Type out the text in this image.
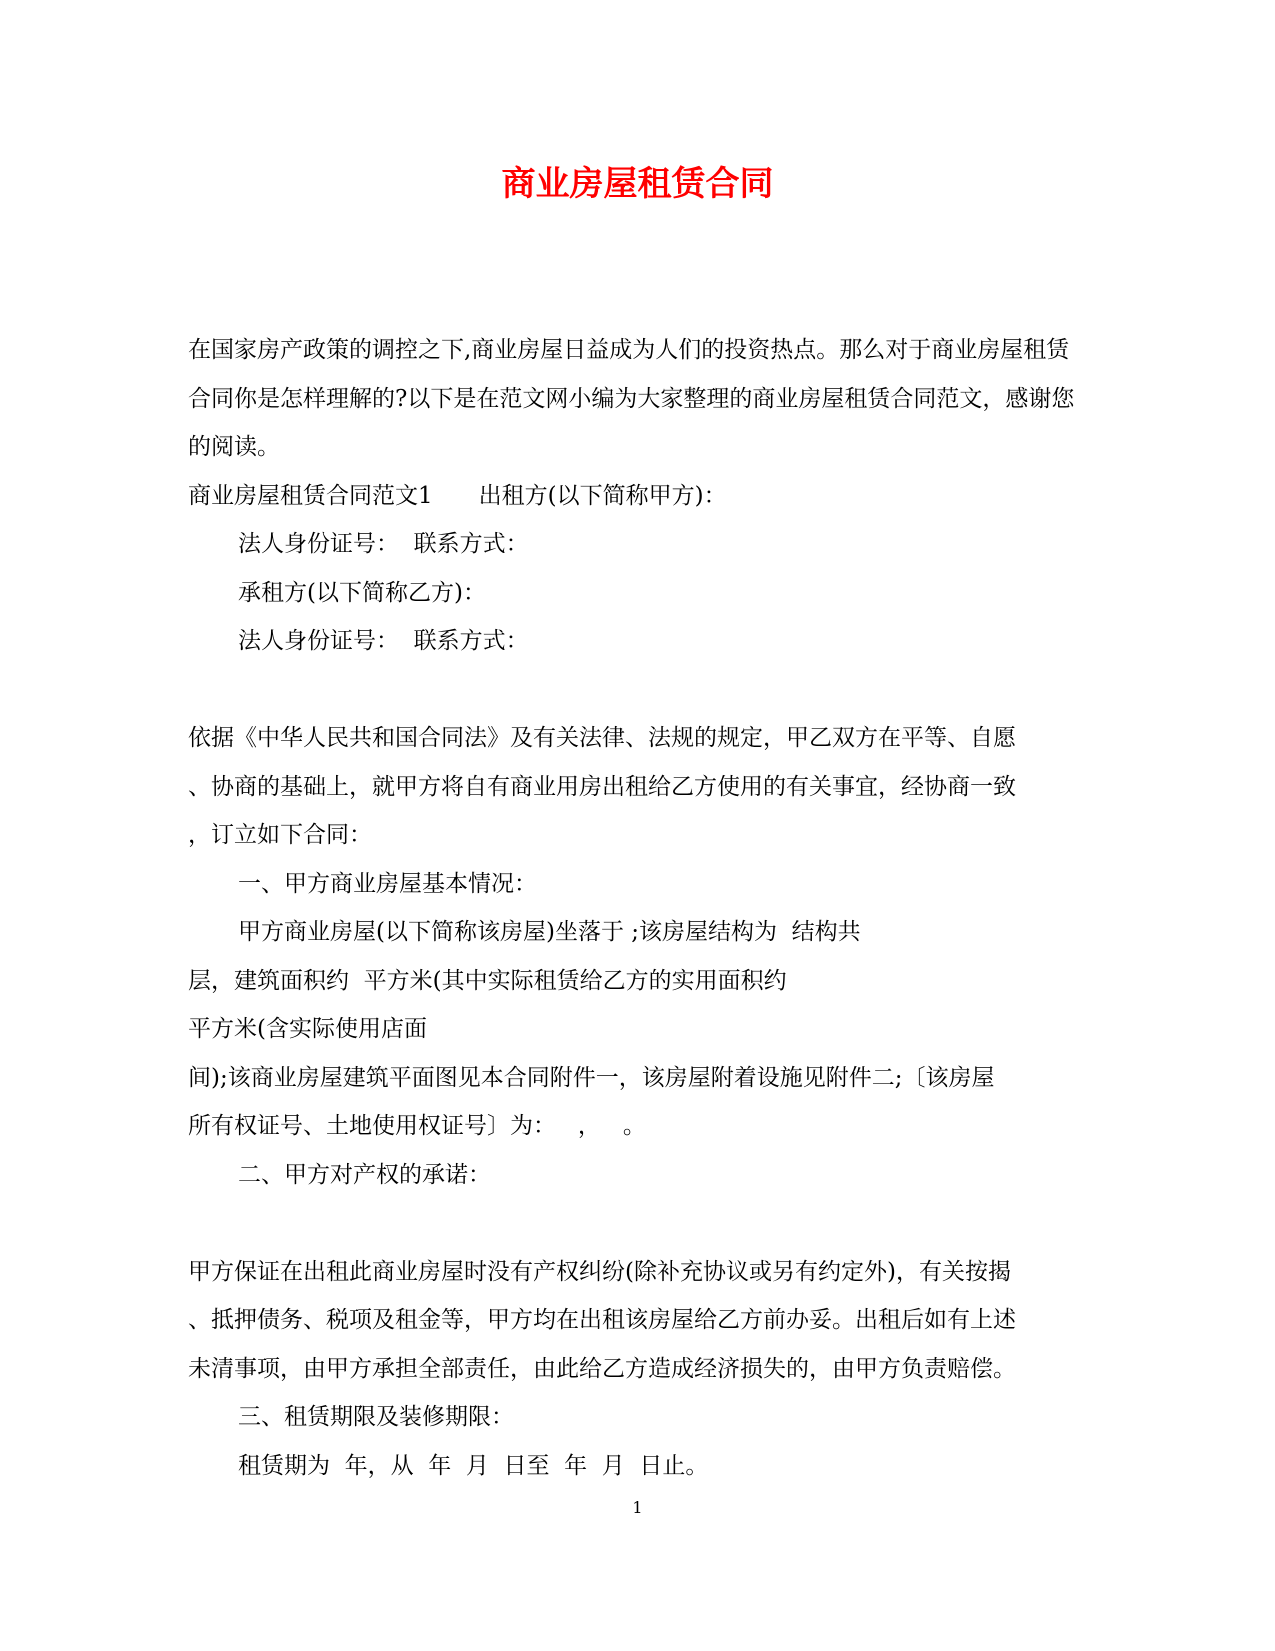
商业房屋租赁合同

在国家房产政策的调控之下,商业房屋日益成为人们的投资热点。那么对于商业房屋租赁合同你是怎样理解的?以下是在范文网小编为大家整理的商业房屋租赁合同范文，感谢您的阅读。

商业房屋租赁合同范文1　　出租方(以下简称甲方)：

法人身份证号：  联系方式：

承租方(以下简称乙方)：

法人身份证号：  联系方式：

依据《中华人民共和国合同法》及有关法律、法规的规定，甲乙双方在平等、自愿

、协商的基础上，就甲方将自有商业用房出租给乙方使用的有关事宜，经协商一致

，订立如下合同：

一、甲方商业房屋基本情况：

甲方商业房屋(以下简称该房屋)坐落于 ;该房屋结构为  结构共

层，建筑面积约  平方米(其中实际租赁给乙方的实用面积约

平方米(含实际使用店面

间);该商业房屋建筑平面图见本合同附件一，该房屋附着设施见附件二;〔该房屋

所有权证号、土地使用权证号〕为：   ，   。

二、甲方对产权的承诺：

甲方保证在出租此商业房屋时没有产权纠纷(除补充协议或另有约定外)，有关按揭

、抵押债务、税项及租金等，甲方均在出租该房屋给乙方前办妥。出租后如有上述

未清事项，由甲方承担全部责任，由此给乙方造成经济损失的，由甲方负责赔偿。

三、租赁期限及装修期限：

租赁期为  年，从  年  月  日至  年  月  日止。

1
